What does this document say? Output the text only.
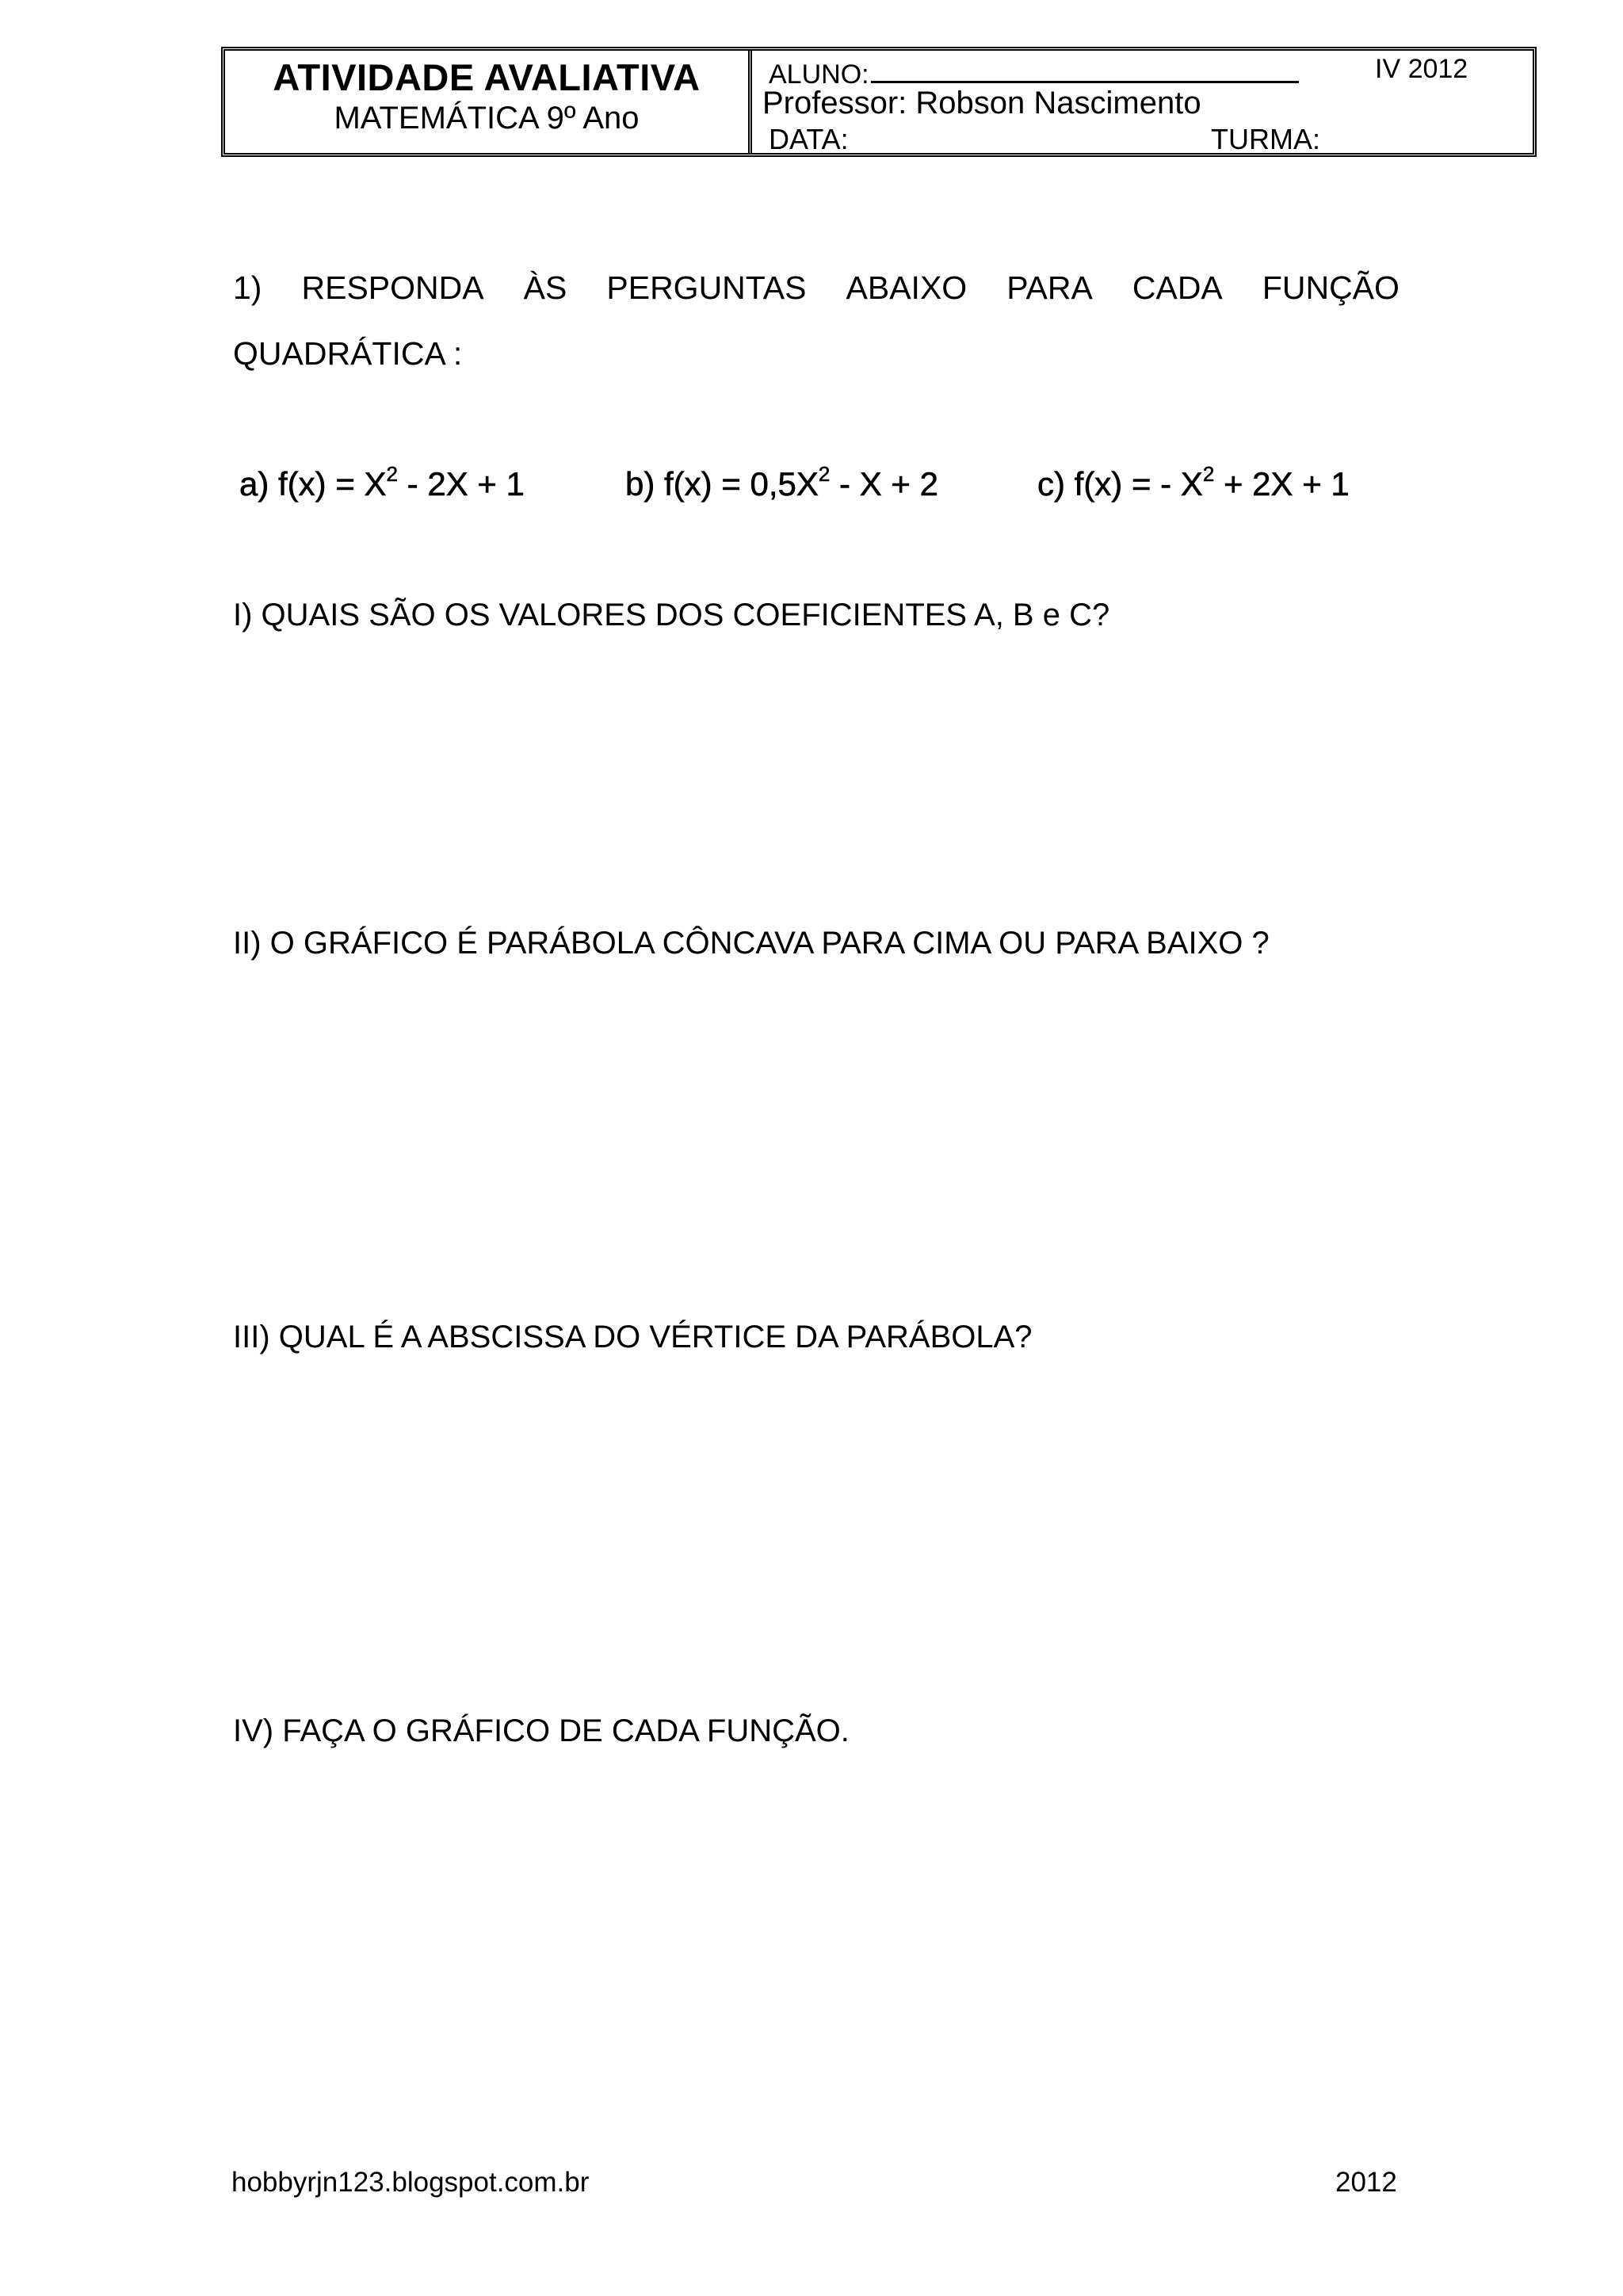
ATIVIDADE AVALIATIVA
MATEMÁTICA 9º Ano
ALUNO:	IV 2012
Professor: Robson Nascimento
DATA:	TURMA:
1) RESPONDA ÀS PERGUNTAS ABAIXO PARA CADA FUNÇÃO
QUADRÁTICA :
a) $f(x) = X^2 - 2X + 1$	b) $f(x) = 0,5X^2 - X + 2$	c) f(x) = - $X^2 + 2X + 1$
I) QUAIS SÃO OS VALORES DOS COEFICIENTES A, B e C?
II) O GRÁFICO É PARÁBOLA CÔNCAVA PARA CIMA OU PARA BAIXO ?
III) QUAL É A ABSCISSA DO VÉRTICE DA PARÁBOLA?
IV) FAÇA O GRÁFICO DE CADA FUNÇÃO.
hobbyrjn123.blogspot.com.br	2012
